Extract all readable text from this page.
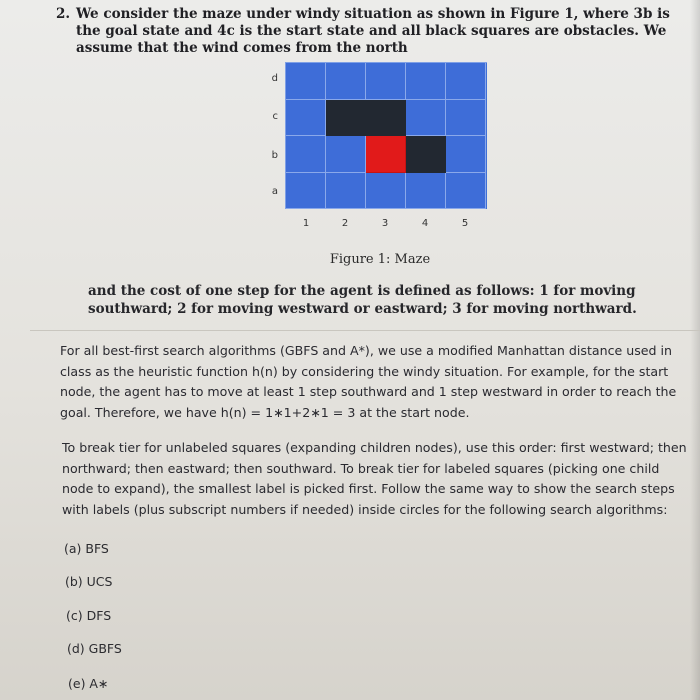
2. We consider the maze under windy situation as shown in Figure 1, where 3b is the goal state and 4c is the start state and all black squares are obstacles. We assume that the wind comes from the north
d
c
b
a
1	2	3	4	5
Figure 1: Maze
and the cost of one step for the agent is defined as follows: 1 for moving southward; 2 for moving westward or eastward; 3 for moving northward.
For all best-first search algorithms (GBFS and A*), we use a modified Manhattan distance used in class as the heuristic function h(n) by considering the windy situation. For example, for the start node, the agent has to move at least 1 step southward and 1 step westward in order to reach the goal. Therefore, we have h(n) = 1∗1+2∗1 = 3 at the start node.
To break tier for unlabeled squares (expanding children nodes), use this order: first westward; then northward; then eastward; then southward. To break tier for labeled squares (picking one child node to expand), the smallest label is picked first. Follow the same way to show the search steps with labels (plus subscript numbers if needed) inside circles for the following search algorithms:
(a) BFS
(b) UCS
(c) DFS
(d) GBFS
(e) A∗
